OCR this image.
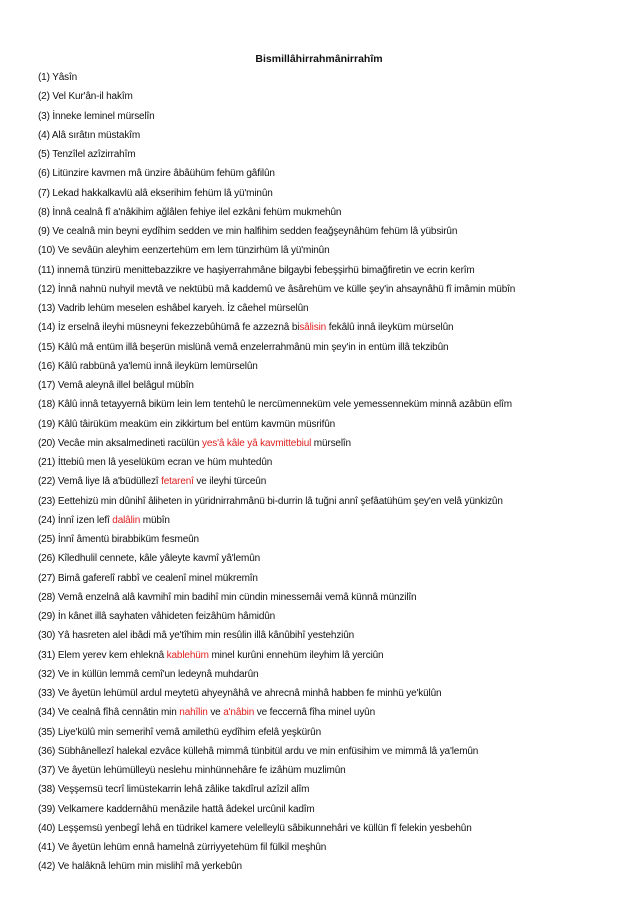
Bismillâhirrahmânirrahîm
(1) Yâsîn
(2) Vel Kur'ân-il hakîm
(3) İnneke leminel mürselîn
(4) Alâ sırâtın müstakîm
(5) Tenzîlel azîzirrahîm
(6) Litünzire kavmen mâ ünzire âbâühüm fehüm gâfilûn
(7) Lekad hakkalkavlü alâ ekserihim fehüm lâ yü'minûn
(8) İnnâ cealnâ fî a'nâkihim ağlâlen fehiye ilel ezkâni fehüm mukmehûn
(9) Ve cealnâ min beyni eydîhim sedden ve min halfihim sedden feağşeynâhüm fehüm lâ yübsirûn
(10) Ve sevâün aleyhim eenzertehüm em lem tünzirhüm lâ yü'minûn
(11) innemâ tünzirü menittebazzikre ve haşiyerrahmâne bilgaybi febeşşirhü bimağfiretin ve ecrin kerîm
(12) İnnâ nahnü nuhyil mevtâ ve nektübü mâ kaddemû ve âsârehüm ve külle şey'in ahsaynâhü fî imâmin mübîn
(13) Vadrib lehüm meselen eshâbel karyeh. İz câehel mürselûn
(14) İz erselnâ ileyhi müsneyni fekezzebûhümâ fe azzeznâ bisâlisin fekâlû innâ ileyküm mürselûn
(15) Kâlû mâ entüm illâ beşerün mislünâ vemâ enzelerrahmânü min şey'in in entüm illâ tekzibûn
(16) Kâlû rabbünâ ya'lemü innâ ileyküm lemürselûn
(17) Vemâ aleynâ illel belâgul mübîn
(18) Kâlû innâ tetayyernâ biküm lein lem tentehû le nercümenneküm vele yemessenneküm minnâ azâbün elîm
(19) Kâlû tâirüküm meaküm ein zikkirtum bel entüm kavmün müsrifûn
(20) Vecâe min aksalmedineti racülün yes'â kâle yâ kavmittebiul mürselîn
(21) İttebiû men lâ yeselüküm ecran ve hüm muhtedûn
(22) Vemâ liye lâ a'büdüllezî fetarenî ve ileyhi türceûn
(23) Eettehizü min dûnihî âliheten in yüridnirrahmânü bi-durrin lâ tuğni annî şefâatühüm şey'en velâ yünkizûn
(24) İnnî izen lefî dalâlin mübîn
(25) İnnî âmentü birabbiküm fesmeûn
(26) Kîledhulil cennete, kâle yâleyte kavmî yâ'lemûn
(27) Bimâ gaferelî rabbî ve cealenî minel mükremîn
(28) Vemâ enzelnâ alâ kavmihî min badihî min cündin minessemâi vemâ künnâ münzilîn
(29) İn kânet illâ sayhaten vâhideten feizâhüm hâmidûn
(30) Yâ hasreten alel ibâdi mâ ye'tîhim min resûlin illâ kânûbihî yestehziûn
(31) Elem yerev kem ehleknâ kablehüm minel kurûni ennehüm ileyhim lâ yerciûn
(32) Ve in küllün lemmâ cemî'un ledeynâ muhdarûn
(33) Ve âyetün lehümül ardul meytetü ahyeynâhâ ve ahrecnâ minhâ habben fe minhü ye'külûn
(34) Ve cealnâ fîhâ cennâtin min nahîlin ve a'nâbin ve feccernâ fîha minel uyûn
(35) Liye'külû min semerihî vemâ amilethü eydîhim efelâ yeşkürûn
(36) Sübhânellezî halekal ezvâce küllehâ mimmâ tünbitül ardu ve min enfüsihim ve mimmâ lâ ya'lemûn
(37) Ve âyetün lehümülleyü neslehu minhünnehâre fe izâhüm muzlimûn
(38) Veşşemsü tecrî limüstekarrin lehâ zâlike takdîrul azîzil alîm
(39) Velkamere kaddernâhü menâzile hattâ âdekel urcûnil kadîm
(40) Leşşemsü yenbegî lehâ en tüdrikel kamere velelleylü sâbikunnehâri ve küllün fî felekin yesbehûn
(41) Ve âyetün lehüm ennâ hamelnâ zürriyyetehüm fil fülkil meşhûn
(42) Ve halâknâ lehüm min mislihî mâ yerkebûn
